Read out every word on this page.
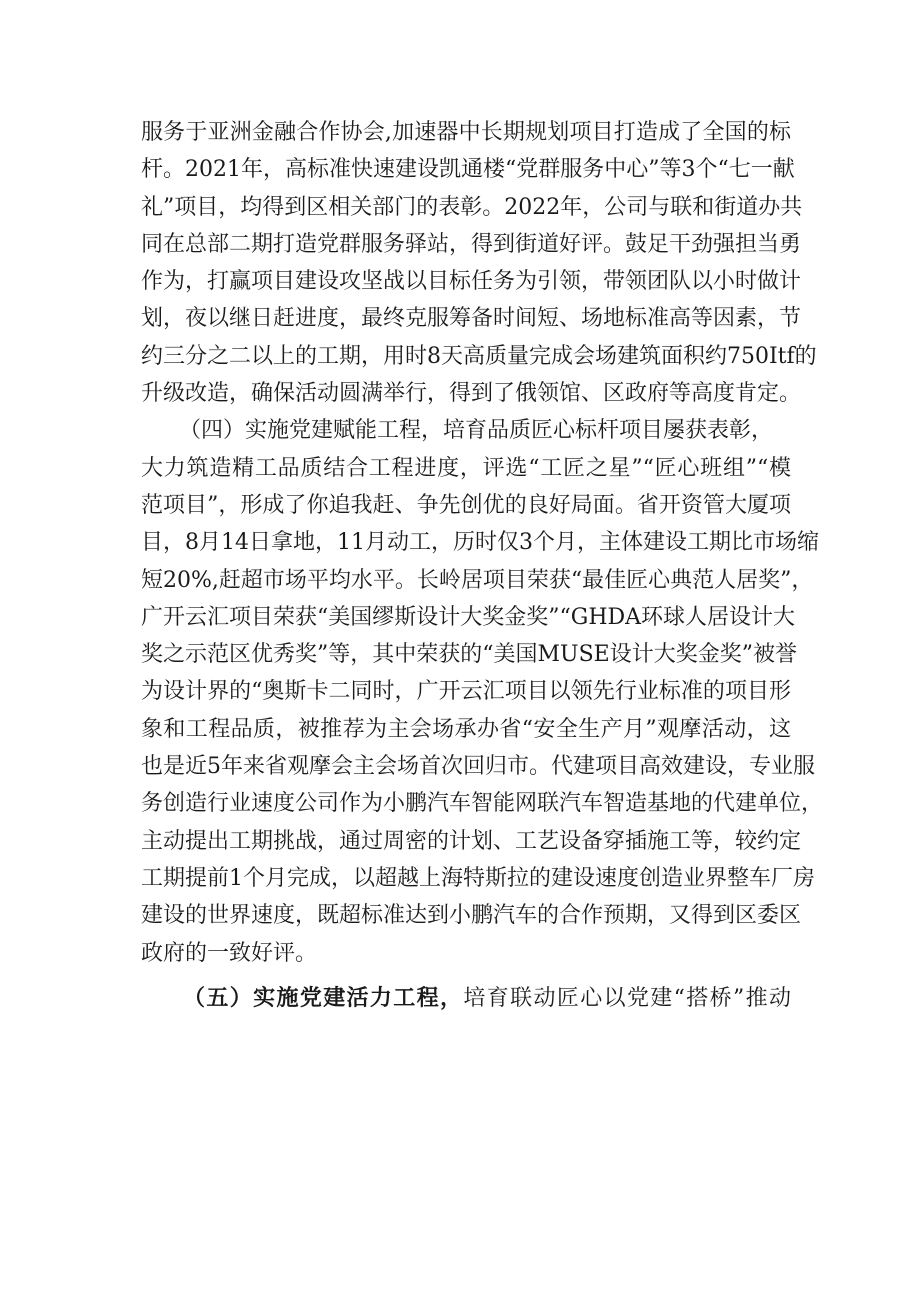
服务于亚洲金融合作协会,加速器中长期规划项目打造成了全国的标
杆。2021年，高标准快速建设凯通楼“党群服务中心”等3个“七一献
礼”项目，均得到区相关部门的表彰。2022年，公司与联和街道办共
同在总部二期打造党群服务驿站，得到街道好评。鼓足干劲强担当勇
作为，打赢项目建设攻坚战以目标任务为引领，带领团队以小时做计
划，夜以继日赶进度，最终克服筹备时间短、场地标准高等因素，节
约三分之二以上的工期，用时8天高质量完成会场建筑面积约750Itf的
升级改造，确保活动圆满举行，得到了俄领馆、区政府等高度肯定。
（四）实施党建赋能工程，培育品质匠心标杆项目屡获表彰，
大力筑造精工品质结合工程进度，评选“工匠之星”“匠心班组”“模
范项目”，形成了你追我赶、争先创优的良好局面。省开资管大厦项
目，8月14日拿地，11月动工，历时仅3个月，主体建设工期比市场缩
短20%,赶超市场平均水平。长岭居项目荣获“最佳匠心典范人居奖”，
广开云汇项目荣获“美国缪斯设计大奖金奖”“GHDA环球人居设计大
奖之示范区优秀奖”等，其中荣获的“美国MUSE设计大奖金奖”被誉
为设计界的“奥斯卡二同时，广开云汇项目以领先行业标准的项目形
象和工程品质，被推荐为主会场承办省“安全生产月”观摩活动，这
也是近5年来省观摩会主会场首次回归市。代建项目高效建设，专业服
务创造行业速度公司作为小鹏汽车智能网联汽车智造基地的代建单位，
主动提出工期挑战，通过周密的计划、工艺设备穿插施工等，较约定
工期提前1个月完成，以超越上海特斯拉的建设速度创造业界整车厂房
建设的世界速度，既超标准达到小鹏汽车的合作预期，又得到区委区
政府的一致好评。
（五）实施党建活力工程，培育联动匠心以党建“搭桥”推动
